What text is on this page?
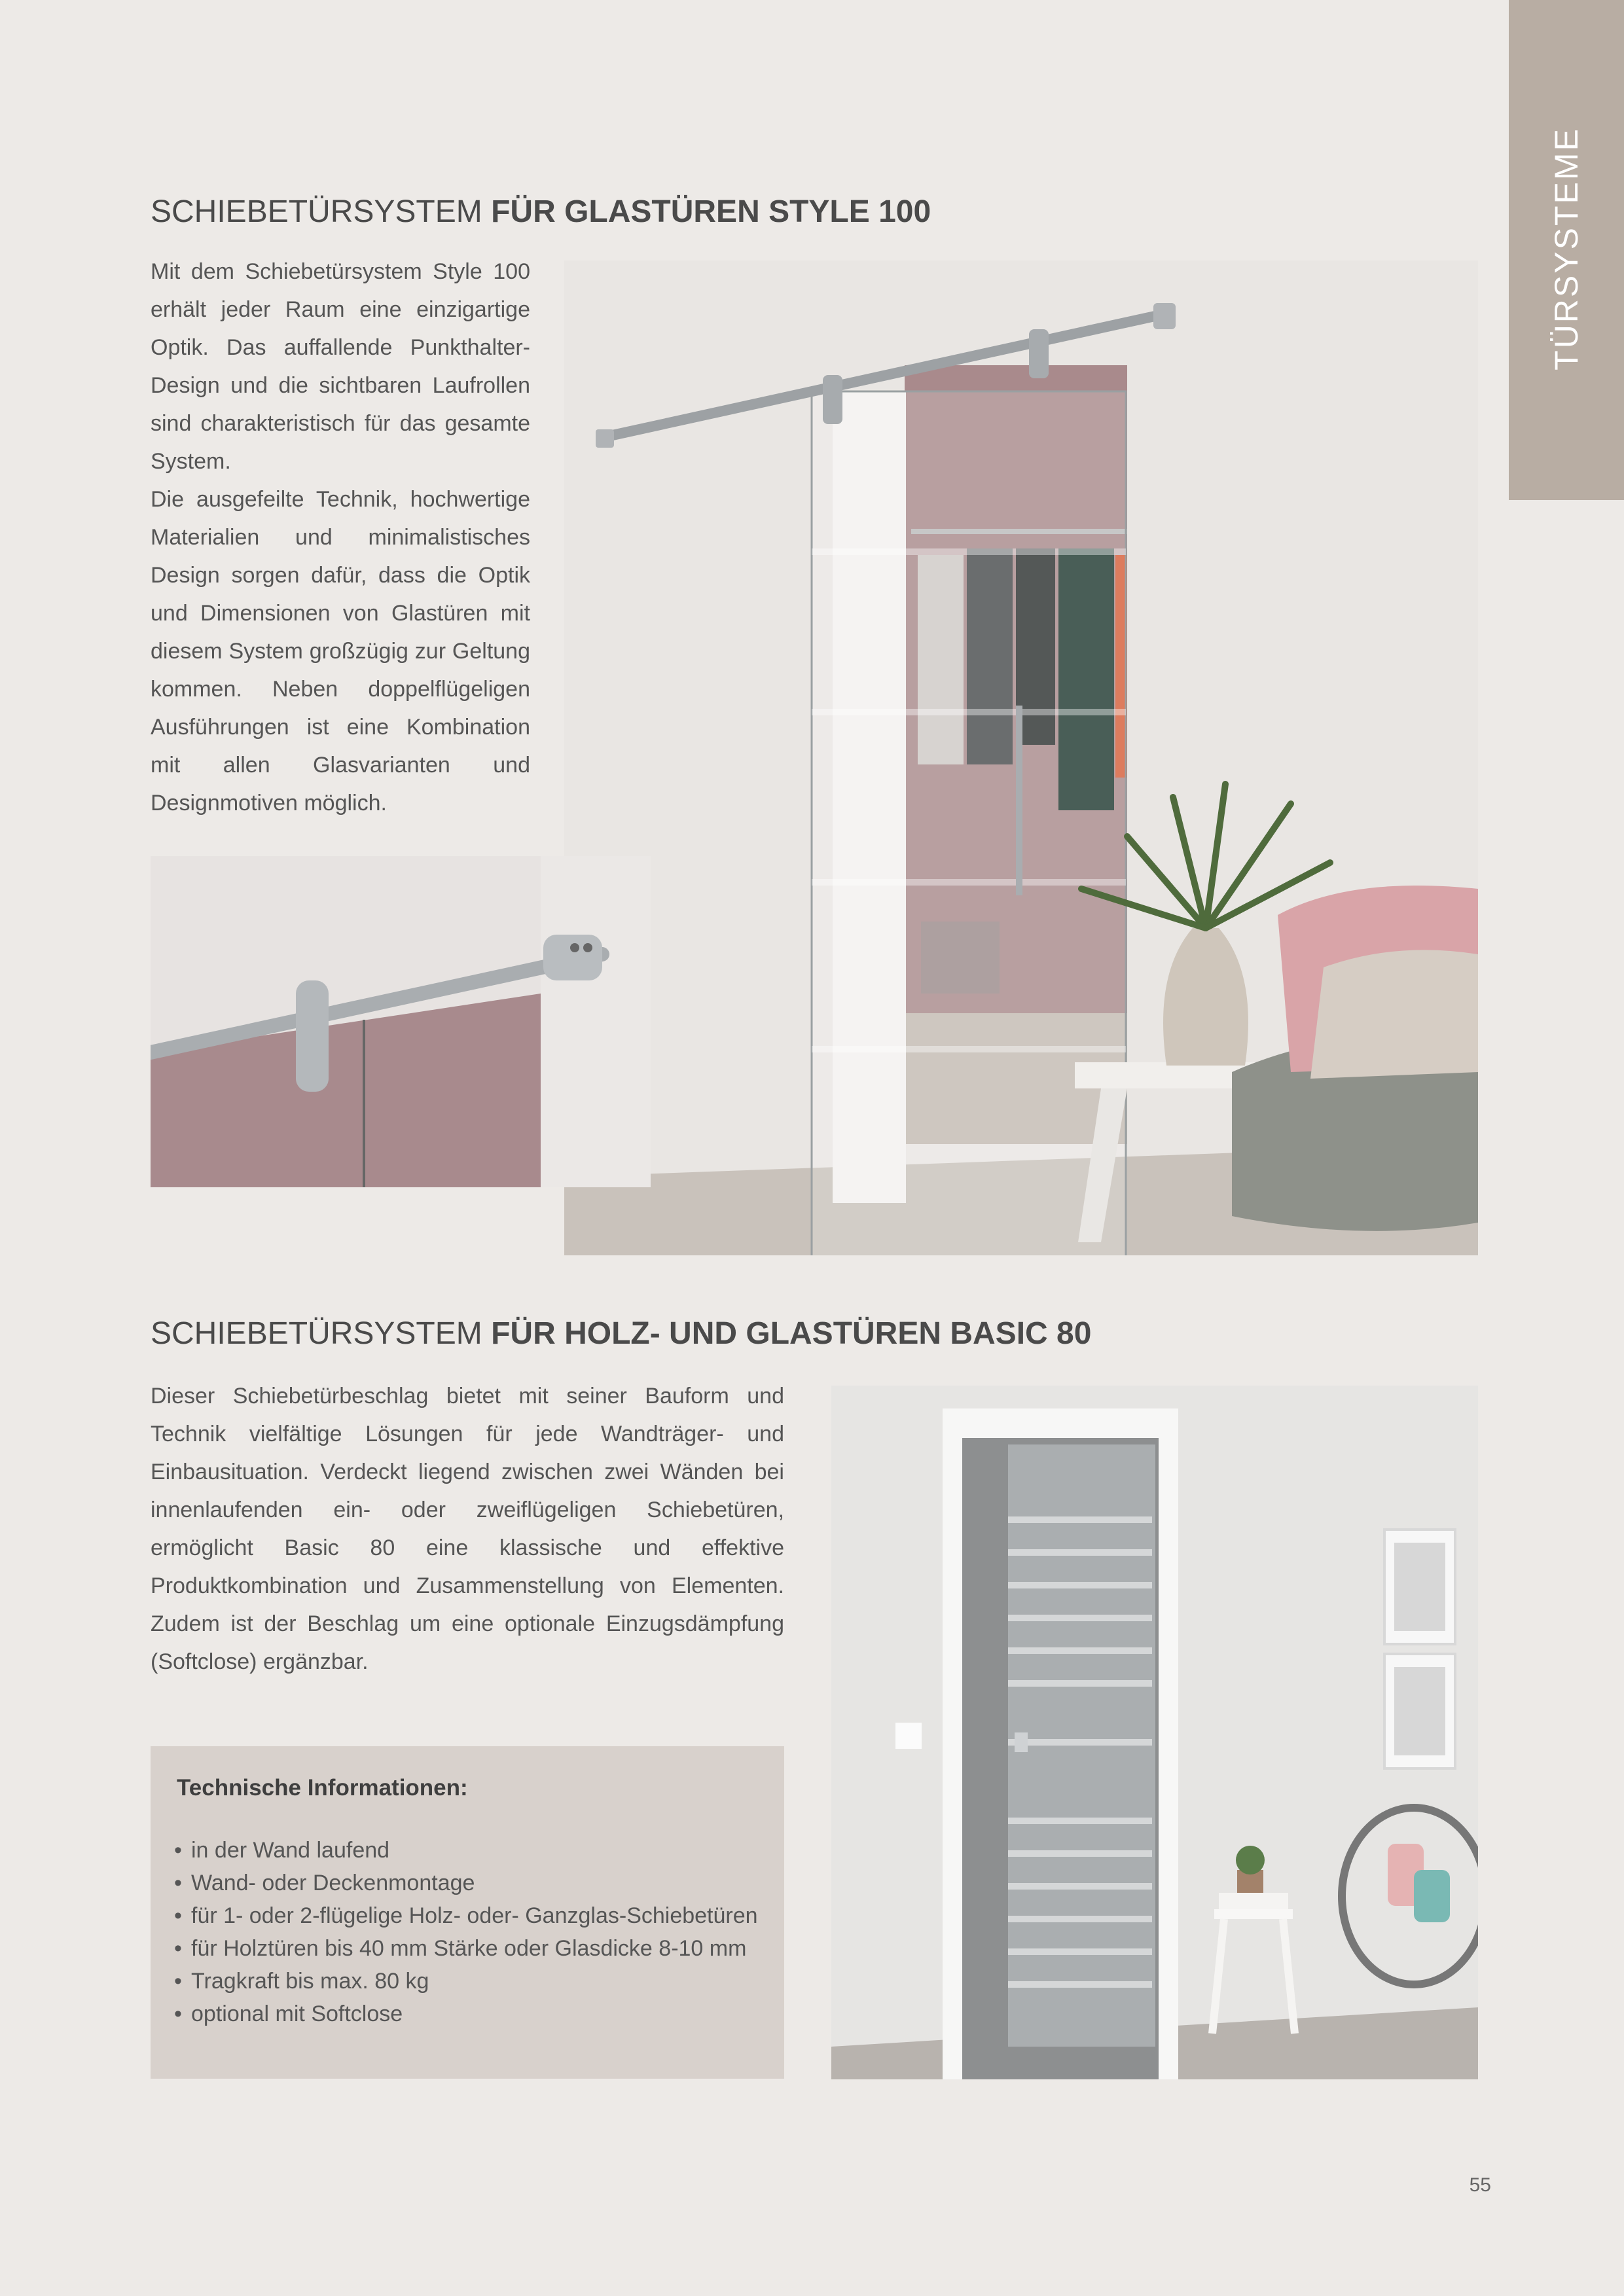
TÜRSYSTEME
SCHIEBETÜRSYSTEM FÜR GLASTÜREN STYLE 100
Mit dem Schiebetürsystem Style 100 erhält jeder Raum eine einzigartige Optik. Das auffallende Punkthalter-Design und die sichtbaren Laufrollen sind charakteristisch für das gesamte System.
Die ausgefeilte Technik, hochwertige Materialien und minimalistisches Design sorgen dafür, dass die Optik und Dimensionen von Glastüren mit diesem System großzügig zur Geltung kommen. Neben doppelflügeligen Ausführungen ist eine Kombination mit allen Glasvarianten und Designmotiven möglich.
SCHIEBETÜRSYSTEM FÜR HOLZ- UND GLASTÜREN BASIC 80
Dieser Schiebetürbeschlag bietet mit seiner Bauform und Technik vielfältige Lösungen für jede Wandträger- und Einbausituation. Verdeckt liegend zwischen zwei Wänden bei innenlaufenden ein- oder zweiflügeligen Schiebetüren, ermöglicht Basic 80 eine klassische und effektive Produktkombination und Zusammenstellung von Elementen. Zudem ist der Beschlag um eine optionale Einzugsdämpfung (Softclose) ergänzbar.
Technische Informationen:
• in der Wand laufend
• Wand- oder Deckenmontage
• für 1- oder 2-flügelige Holz- oder- Ganzglas-Schiebetüren
• für Holztüren bis 40 mm Stärke oder Glasdicke 8-10 mm
• Tragkraft bis max. 80 kg
• optional mit Softclose
55
